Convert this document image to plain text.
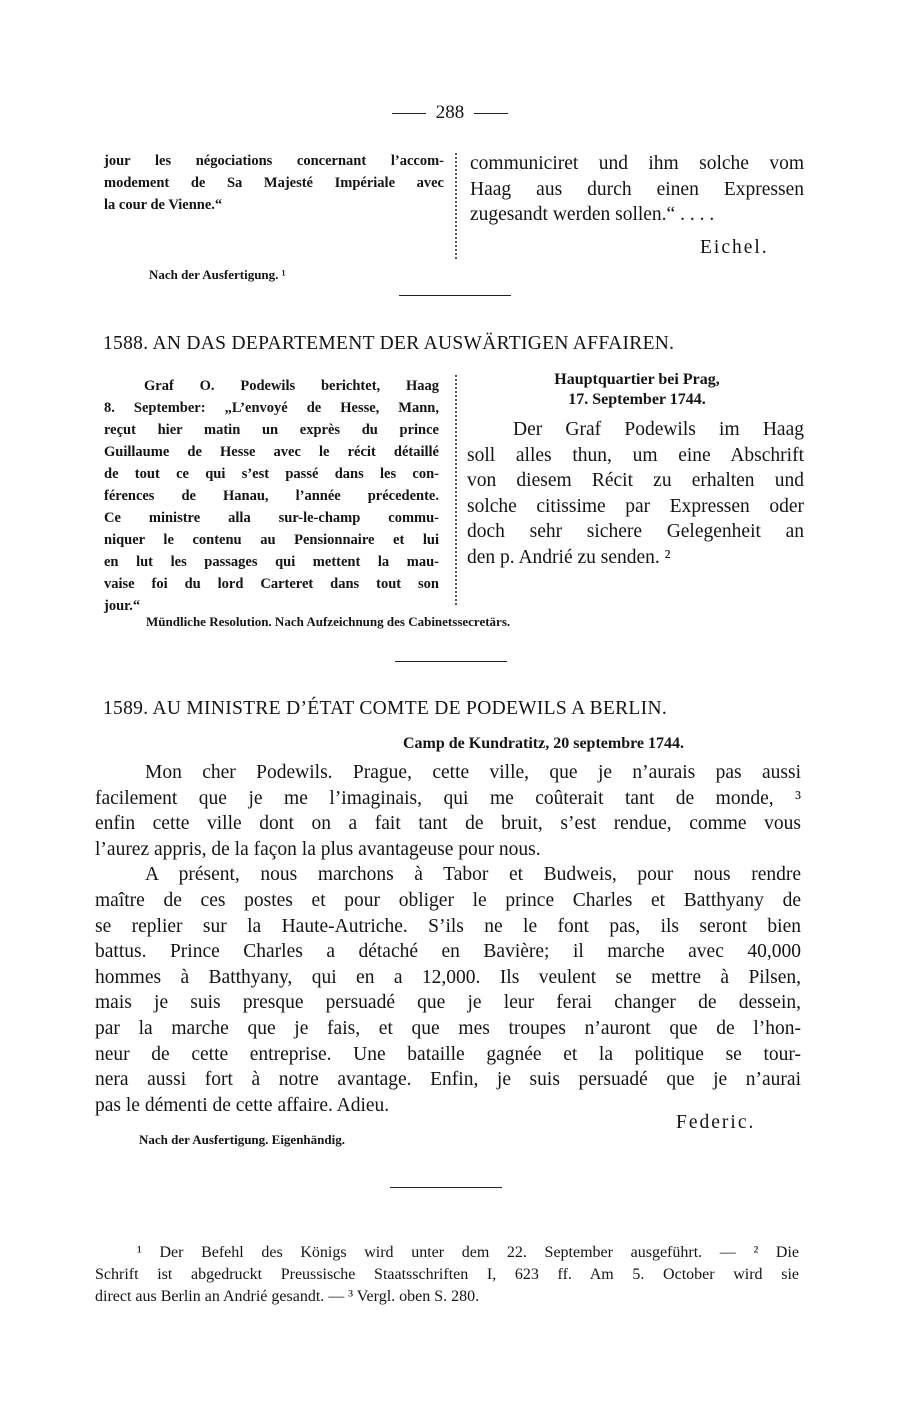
288
jour les négociations concernant l’accom-
modement de Sa Majesté Impériale avec
la cour de Vienne.“
communiciret und ihm solche vom
Haag aus durch einen Expressen
zugesandt werden sollen.“ . . . .
Eichel.
Nach der Ausfertigung. ¹
1588. AN DAS DEPARTEMENT DER AUSWÄRTIGEN AFFAIREN.
Graf O. Podewils berichtet, Haag
8. September: „L’envoyé de Hesse, Mann,
reçut hier matin un exprès du prince
Guillaume de Hesse avec le récit détaillé
de tout ce qui s’est passé dans les con-
férences de Hanau, l’année précedente.
Ce ministre alla sur-le-champ commu-
niquer le contenu au Pensionnaire et lui
en lut les passages qui mettent la mau-
vaise foi du lord Carteret dans tout son
jour.“
Hauptquartier bei Prag,
17. September 1744.
Der Graf Podewils im Haag
soll alles thun, um eine Abschrift
von diesem Récit zu erhalten und
solche citissime par Expressen oder
doch sehr sichere Gelegenheit an
den p. Andrié zu senden. ²
Mündliche Resolution. Nach Aufzeichnung des Cabinetssecretärs.
1589. AU MINISTRE D’ÉTAT COMTE DE PODEWILS A BERLIN.
Camp de Kundratitz, 20 septembre 1744.
Mon cher Podewils. Prague, cette ville, que je n’aurais pas aussi
facilement que je me l’imaginais, qui me coûterait tant de monde, ³
enfin cette ville dont on a fait tant de bruit, s’est rendue, comme vous
l’aurez appris, de la façon la plus avantageuse pour nous.
A présent, nous marchons à Tabor et Budweis, pour nous rendre
maître de ces postes et pour obliger le prince Charles et Batthyany de
se replier sur la Haute-Autriche. S’ils ne le font pas, ils seront bien
battus. Prince Charles a détaché en Bavière; il marche avec 40,000
hommes à Batthyany, qui en a 12,000. Ils veulent se mettre à Pilsen,
mais je suis presque persuadé que je leur ferai changer de dessein,
par la marche que je fais, et que mes troupes n’auront que de l’hon-
neur de cette entreprise. Une bataille gagnée et la politique se tour-
nera aussi fort à notre avantage. Enfin, je suis persuadé que je n’aurai
pas le démenti de cette affaire. Adieu.
Federic.
Nach der Ausfertigung. Eigenhändig.
¹ Der Befehl des Königs wird unter dem 22. September ausgeführt. — ² Die
Schrift ist abgedruckt Preussische Staatsschriften I, 623 ff. Am 5. October wird sie
direct aus Berlin an Andrié gesandt. — ³ Vergl. oben S. 280.
